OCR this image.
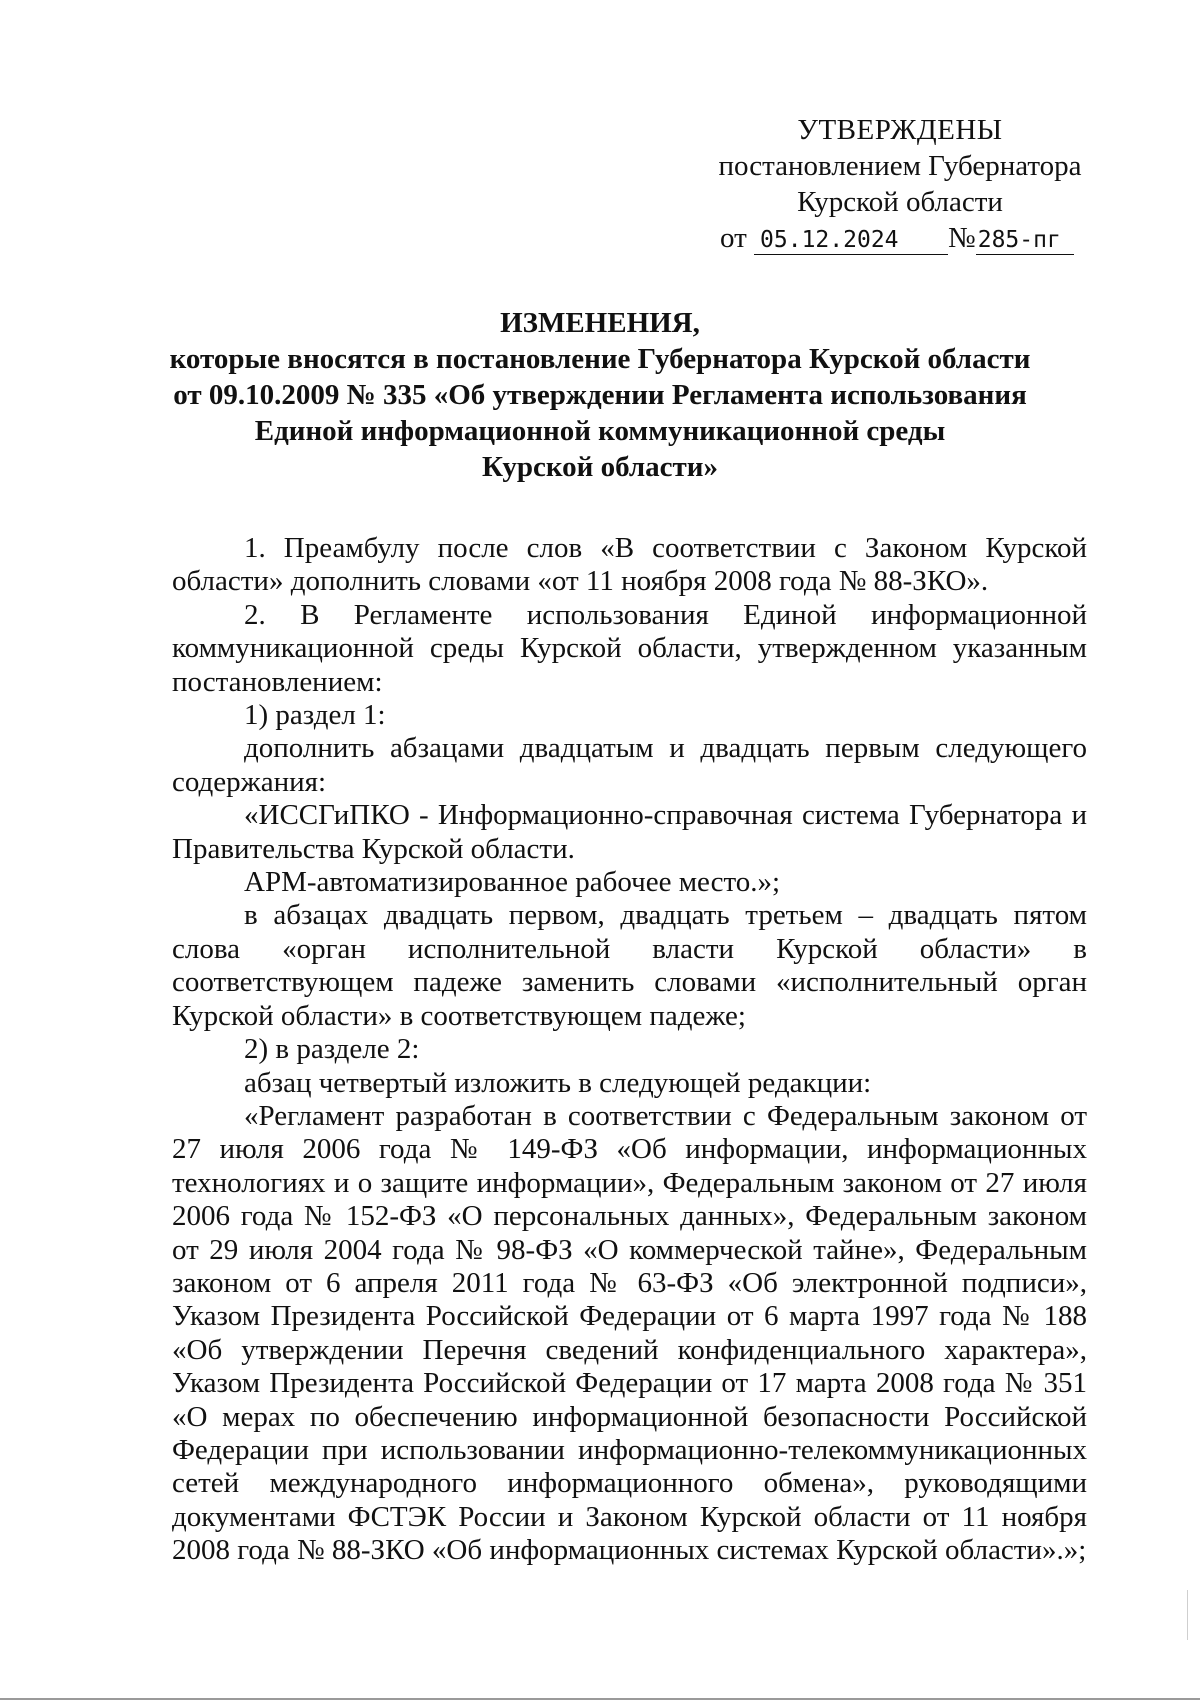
УТВЕРЖДЕНЫ
постановлением Губернатора
Курской области
от 05.12.2024 №285-пг
ИЗМЕНЕНИЯ,
которые вносятся в постановление Губернатора Курской области
от 09.10.2009 № 335 «Об утверждении Регламента использования
Единой информационной коммуникационной среды
Курской области»

1. Преамбулу после слов «В соответствии с Законом Курской области» дополнить словами «от 11 ноября 2008 года № 88-ЗКО».

2. В Регламенте использования Единой информационной коммуникационной среды Курской области, утвержденном указанным постановлением:

1) раздел 1:

дополнить абзацами двадцатым и двадцать первым следующего содержания:

«ИССГиПКО - Информационно-справочная система Губернатора и Правительства Курской области.

АРМ-автоматизированное рабочее место.»;

в абзацах двадцать первом, двадцать третьем – двадцать пятом слова «орган исполнительной власти Курской области» в соответствующем падеже заменить словами «исполнительный орган Курской области» в соответствующем падеже;

2) в разделе 2:

абзац четвертый изложить в следующей редакции:

«Регламент разработан в соответствии с Федеральным законом от 27 июля 2006 года № 149-ФЗ «Об информации, информационных технологиях и о защите информации», Федеральным законом от 27 июля 2006 года № 152-ФЗ «О персональных данных», Федеральным законом от 29 июля 2004 года № 98-ФЗ «О коммерческой тайне», Федеральным законом от 6 апреля 2011 года № 63-ФЗ «Об электронной подписи», Указом Президента Российской Федерации от 6 марта 1997 года № 188 «Об утверждении Перечня сведений конфиденциального характера», Указом Президента Российской Федерации от 17 марта 2008 года № 351 «О мерах по обеспечению информационной безопасности Российской Федерации при использовании информационно-телекоммуникационных сетей международного информационного обмена», руководящими документами ФСТЭК России и Законом Курской области от 11 ноября 2008 года № 88-ЗКО «Об информационных системах Курской области».»;
